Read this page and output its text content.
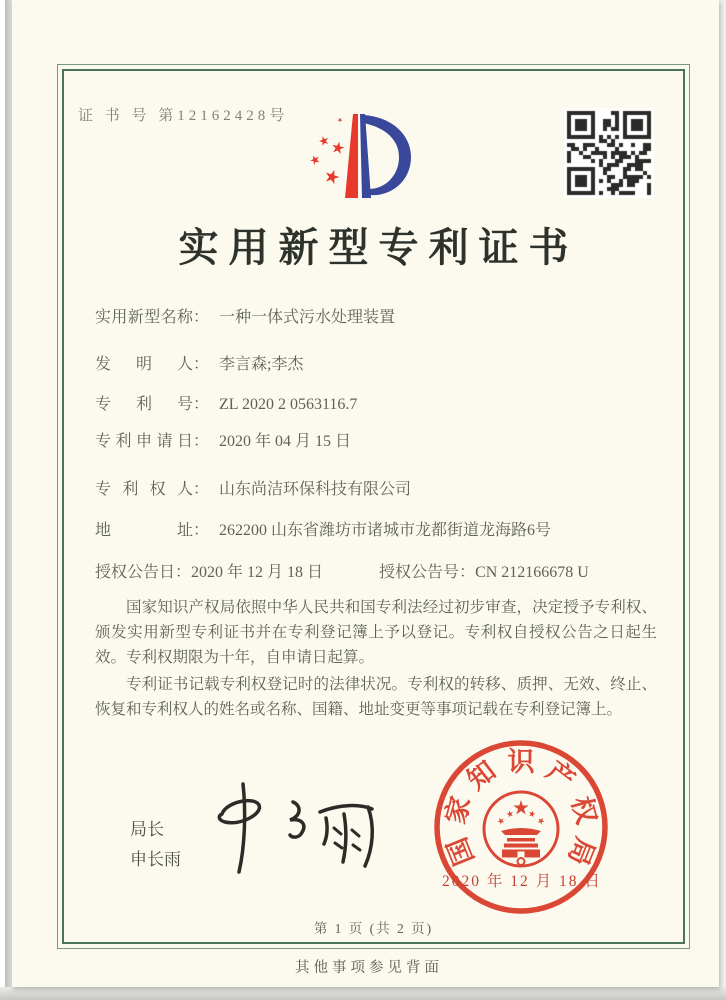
证 书 号 第12162428号
实用新型专利证书
实用新型名称： 一种一体式污水处理装置
发明人： 李言森;李杰
专利号： ZL 2020 2 0563116.7
专利申请日： 2020 年 04 月 15 日
专利权人： 山东尚洁环保科技有限公司
地址： 262200 山东省潍坊市诸城市龙都街道龙海路6号
授权公告日：2020 年 12 月 18 日	授权公告号：CN 212166678 U

国家知识产权局依照中华人民共和国专利法经过初步审查，决定授予专利权、颁发实用新型专利证书并在专利登记簿上予以登记。专利权自授权公告之日起生效。专利权期限为十年，自申请日起算。

专利证书记载专利权登记时的法律状况。专利权的转移、质押、无效、终止、恢复和专利权人的姓名或名称、国籍、地址变更等事项记载在专利登记簿上。

局长
申长雨	国
家
知 识 产
权
局
2020 年 12 月 18 日
第 1 页 (共 2 页)
其他事项参见背面
